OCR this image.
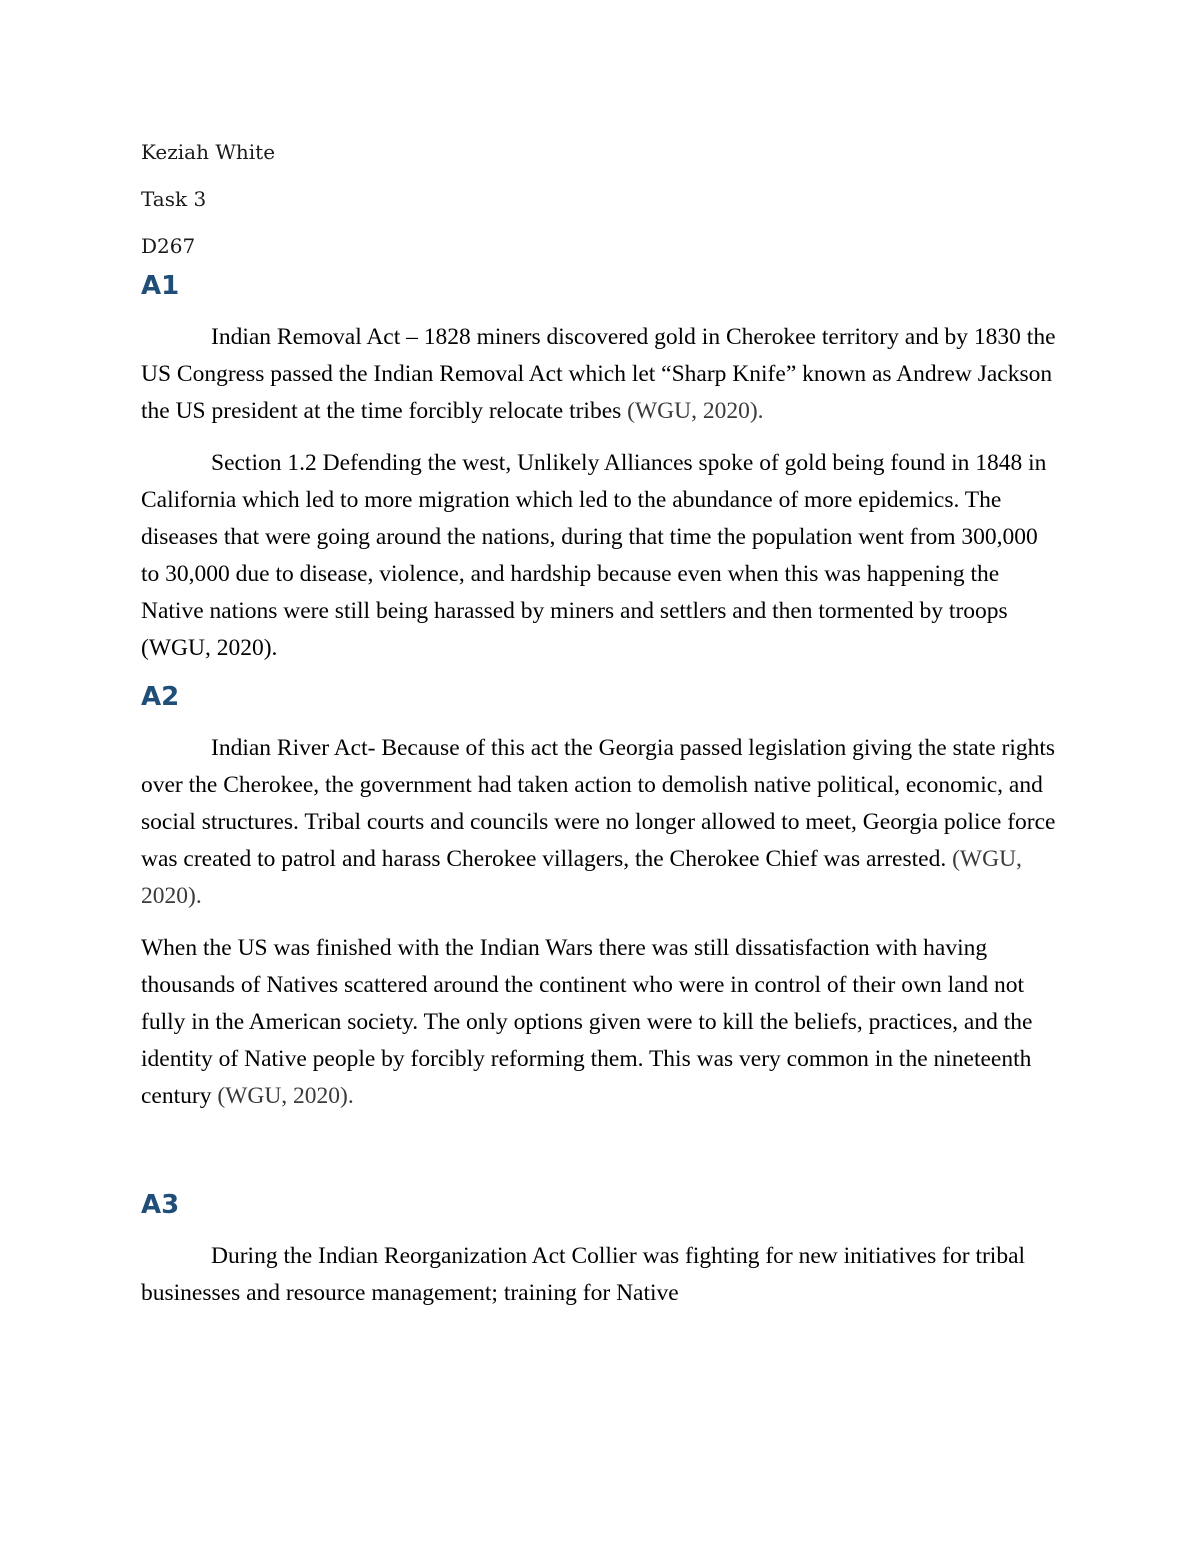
Keziah White
Task 3
D267
A1

Indian Removal Act – 1828 miners discovered gold in Cherokee territory and by 1830 the US Congress passed the Indian Removal Act which let “Sharp Knife” known as Andrew Jackson the US president at the time forcibly relocate tribes (WGU, 2020).

Section 1.2 Defending the west, Unlikely Alliances spoke of gold being found in 1848 in California which led to more migration which led to the abundance of more epidemics. The diseases that were going around the nations, during that time the population went from 300,000 to 30,000 due to disease, violence, and hardship because even when this was happening the Native nations were still being harassed by miners and settlers and then tormented by troops (WGU, 2020).

A2

Indian River Act- Because of this act the Georgia passed legislation giving the state rights over the Cherokee, the government had taken action to demolish native political, economic, and social structures. Tribal courts and councils were no longer allowed to meet, Georgia police force was created to patrol and harass Cherokee villagers, the Cherokee Chief was arrested. (WGU, 2020).

When the US was finished with the Indian Wars there was still dissatisfaction with having thousands of Natives scattered around the continent who were in control of their own land not fully in the American society. The only options given were to kill the beliefs, practices, and the identity of Native people by forcibly reforming them. This was very common in the nineteenth century (WGU, 2020).

A3

During the Indian Reorganization Act Collier was fighting for new initiatives for tribal businesses and resource management; training for Native
